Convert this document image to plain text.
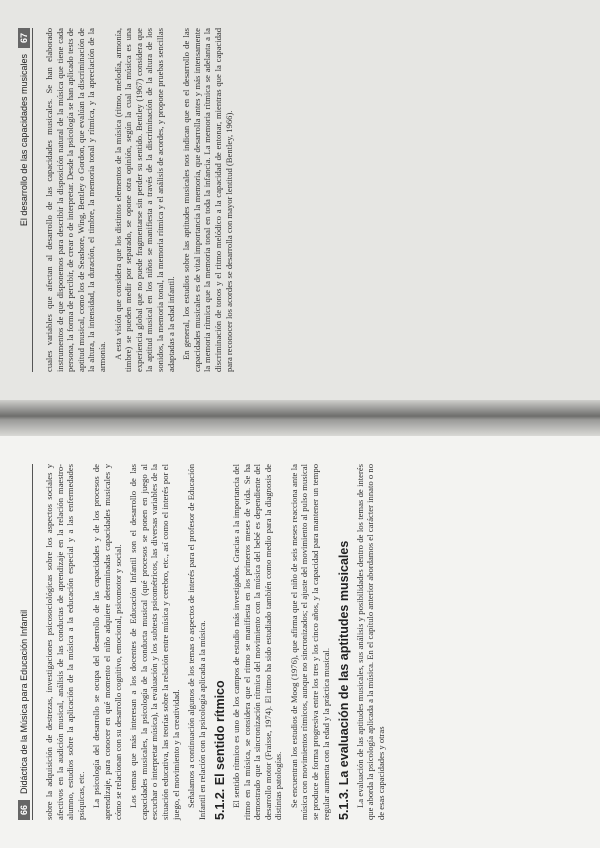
66Didáctica de la Música para Educación Infantil	sobre la adquisición de destrezas, investigaciones psicosociológicas sobre los aspectos sociales y afectivos en la audición musical, análisis de las conductas de aprendizaje en la relación maestro-alumno, estudios sobre la aplicación de la música a la educación especial y a las enfermedades psíquicas, etc. La psicología del desarrollo se ocupa del desarrollo de las capacidades y de los procesos de aprendizaje, para conocer en qué momento el niño adquiere determinadas capacidades musicales y cómo se relacionan con su desarrollo cognitivo, emocional, psicomotor y social. Los temas que más interesan a los docentes de Educación Infantil son el desarrollo de las capacidades musicales, la psicología de la conducta musical (qué procesos se ponen en juego al escuchar o interpretar música), la evaluación y los subtests psicométricos, las diversas variables de la situación educativa, las teorías sobre la relación entre música y cerebro, etc., así como el interés por el juego, el movimiento y la creatividad. Señalamos a continuación algunos de los temas o aspectos de interés para el profesor de Educación Infantil en relación con la psicología aplicada a la música. 5.1.2. El sentido rítmico El sentido rítmico es uno de los campos de estudio más investigados. Gracias a la importancia del ritmo en la música, se considera que el ritmo se manifiesta en los primeros meses de vida. Se ha demostrado que la sincronización rítmica del movimiento con la música del bebé es dependiente del desarrollo motor (Fraisse, 1974). El ritmo ha sido estudiado también como medio para la diagnosis de distintas patologías. Se encuentran los estudios de Moog (1976), que afirma que el niño de seis meses reacciona ante la música con movimientos rítmicos, aunque no sincronizados; el ajuste del movimiento al pulso musical se produce de forma progresiva entre los tres y los cinco años, y la capacidad para mantener un tempo regular aumenta con la edad y la práctica musical. 5.1.3. La evaluación de las aptitudes musicales La evaluación de las aptitudes musicales, sus análisis y posibilidades dentro de los temas de interés que aborda la psicología aplicada a la música. En el capítulo anterior abordamos el carácter innato o no de esas capacidades y otras

El desarrollo de las capacidades musicales67	cuales variables que afectan al desarrollo de las capacidades musicales. Se han elaborado instrumentos de que disponemos para describir la disposición natural de la música que tiene cada persona, la forma de percibir, de crear o de interpretar. Desde la psicología se han aplicado tests de aptitud musical, como los de Seashore, Wing, Bentley o Gordon, que evalúan la discriminación de la altura, la intensidad, la duración, el timbre, la memoria tonal y rítmica, y la apreciación de la armonía. A esta visión que considera que los distintos elementos de la música (ritmo, melodía, armonía, timbre) se pueden medir por separado, se opone otra opinión, según la cual la música es una experiencia global que no puede fragmentarse sin perder su sentido. Bentley (1967) considera que la aptitud musical en los niños se manifiesta a través de la discriminación de la altura de los sonidos, la memoria tonal, la memoria rítmica y el análisis de acordes, y propone pruebas sencillas adaptadas a la edad infantil. En general, los estudios sobre las aptitudes musicales nos indican que en el desarrollo de las capacidades musicales es de vital importancia la memoria, que desarrolla antes y más intensamente la memoria rítmica que la memoria tonal en toda la infancia. La memoria rítmica se adelanta a la discriminación de tonos y el ritmo melódico a la capacidad de entonar, mientras que la capacidad para reconocer los acordes se desarrolla con mayor lentitud (Bentley, 1966).
